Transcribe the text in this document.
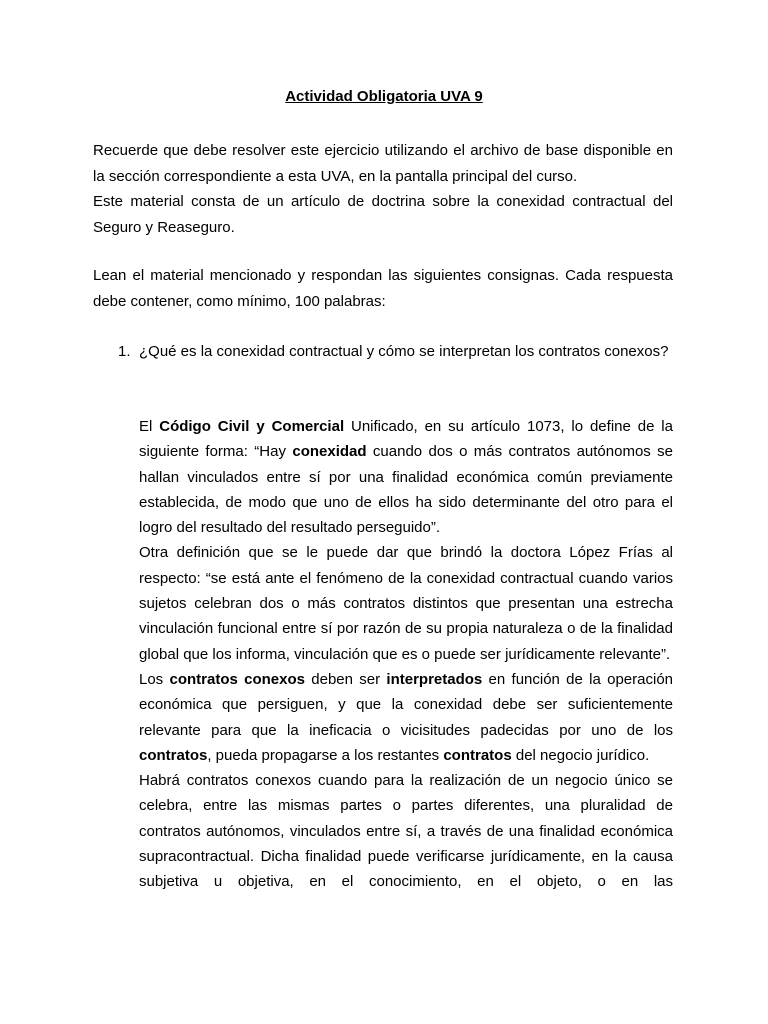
Actividad Obligatoria UVA 9

Recuerde que debe resolver este ejercicio utilizando el archivo de base disponible en la sección correspondiente a esta UVA, en la pantalla principal del curso.

Este material consta de un artículo de doctrina sobre la conexidad contractual del Seguro y Reaseguro.

Lean el material mencionado y respondan las siguientes consignas. Cada respuesta debe contener, como mínimo, 100 palabras:

1. ¿Qué es la conexidad contractual y cómo se interpretan los contratos conexos?

El Código Civil y Comercial Unificado, en su artículo 1073, lo define de la siguiente forma: “Hay conexidad cuando dos o más contratos autónomos se hallan vinculados entre sí por una finalidad económica común previamente establecida, de modo que uno de ellos ha sido determinante del otro para el logro del resultado del resultado perseguido”.

Otra definición que se le puede dar que brindó la doctora López Frías al respecto: “se está ante el fenómeno de la conexidad contractual cuando varios sujetos celebran dos o más contratos distintos que presentan una estrecha vinculación funcional entre sí por razón de su propia naturaleza o de la finalidad global que los informa, vinculación que es o puede ser jurídicamente relevante”.

Los contratos conexos deben ser interpretados en función de la operación económica que persiguen, y que la conexidad debe ser suficientemente relevante para que la ineficacia o vicisitudes padecidas por uno de los contratos, pueda propagarse a los restantes contratos del negocio jurídico.

Habrá contratos conexos cuando para la realización de un negocio único se celebra, entre las mismas partes o partes diferentes, una pluralidad de contratos autónomos, vinculados entre sí, a través de una finalidad económica supracontractual. Dicha finalidad puede verificarse jurídicamente, en la causa subjetiva u objetiva, en el conocimiento, en el objeto, o en las
